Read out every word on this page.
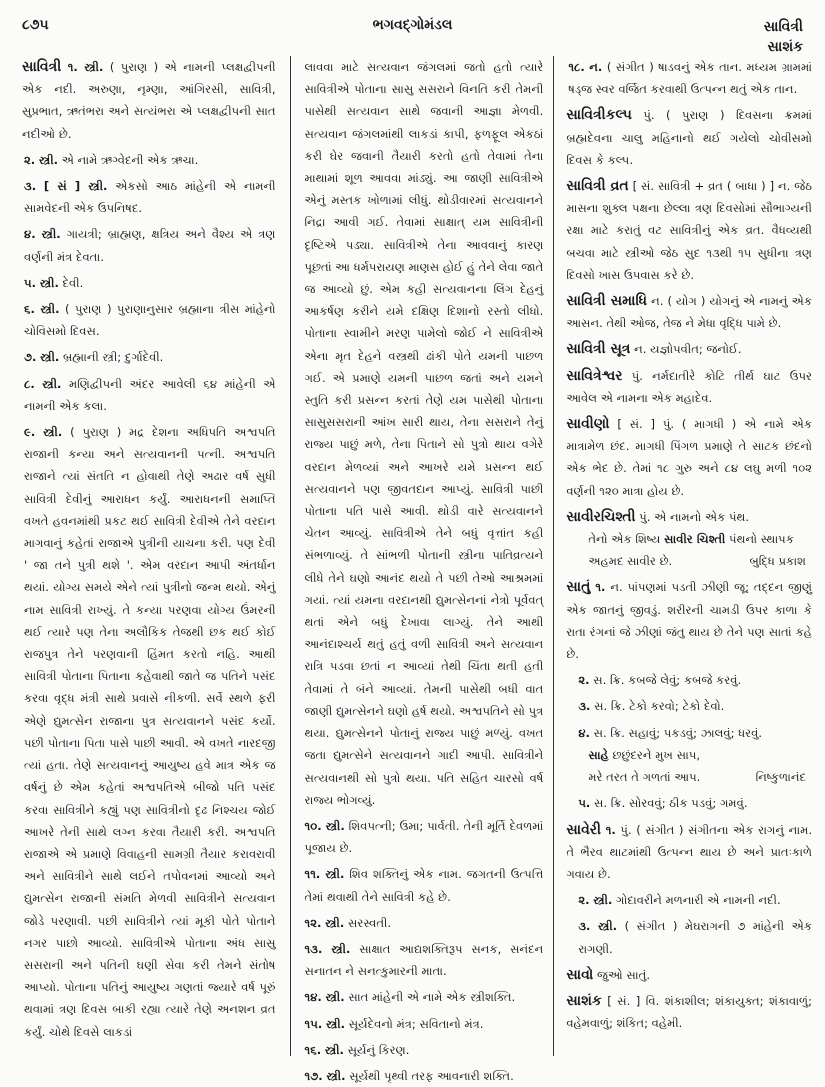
૮૭૫	ભગવદ્ગોમંડલ	સાવિત્રી
સાશંક
સાવિત્રી ૧. સ્ત્રી. ( પુરાણ ) એ નામની પ્લક્ષદ્વીપની એક નદી. અરુણા, નૃમ્ણા, આંગિરસી, સાવિત્રી, સુપ્રભાત, ઋતંભરા અને સત્યંભરા એ પ્લક્ષદ્વીપની સાત નદીઓ છે.
૨. સ્ત્રી. એ નામે ઋગ્વેદની એક ઋચા.
૩. [ સં ] સ્ત્રી. એકસો આઠ માંહેની એ નામની સામવેદની એક ઉપનિષદ.
૪. સ્ત્રી. ગાયત્રી; બ્રાહ્મણ, ક્ષત્રિય અને વૈશ્ય એ ત્રણ વર્ણની મંત્ર દેવતા.
૫. સ્ત્રી. દેવી.
૬. સ્ત્રી. ( પુરાણ ) પુરાણાનુસાર બ્રહ્માના ત્રીસ માંહેનો ચોવિસમો દિવસ.
૭. સ્ત્રી. બ્રહ્માની સ્ત્રી; દુર્ગાદેવી.
૮. સ્ત્રી. મણિદ્વીપની અંદર આવેલી ૬૪ માંહેની એ નામની એક કલા.
૯. સ્ત્રી. ( પુરાણ ) મદ્ર દેશના અધિપતિ અશ્વપતિ રાજાની કન્યા અને સત્યવાનની પત્ની. અશ્વપતિ રાજાને ત્યાં સંતતિ ન હોવાથી તેણે અઢાર વર્ષ સુધી સાવિત્રી દેવીનું આરાધન કર્યું. આરાધનની સમાપ્તિ વખતે હવનમાંથી પ્રકટ થઈ સાવિત્રી દેવીએ તેને વરદાન માગવાનું કહેતાં રાજાએ પુત્રીની યાચના કરી. પણ દેવી ' જા તને પુત્રી થશે '. એમ વરદાન આપી અંતર્ધાન થયાં. યોગ્ય સમયે એને ત્યાં પુત્રીનો જન્મ થયો. એનું નામ સાવિત્રી રાખ્યું. તે કન્યા પરણવા યોગ્ય ઉંમરની થઈ ત્યારે પણ તેના અલૌકિક તેજથી છક થઈ કોઈ રાજપુત્ર તેને પરણવાની હિંમત કરતો નહિ. આથી સાવિત્રી પોતાના પિતાના કહેવાથી જાતે જ પતિને પસંદ કરવા વૃદ્ધ મંત્રી સાથે પ્રવાસે નીકળી. સર્વે સ્થળે ફરી એણે દ્યુમત્સેન રાજાના પુત્ર સત્યવાનને પસંદ કર્યો. પછી પોતાના પિતા પાસે પાછી આવી. એ વખતે નારદજી ત્યાં હતા. તેણે સત્યવાનનું આયુષ્ય હવે માત્ર એક જ વર્ષનું છે એમ કહેતાં અશ્વપતિએ બીજો પતિ પસંદ કરવા સાવિત્રીને કહ્યું પણ સાવિત્રીનો દૃઢ નિશ્ચય જોઈ આખરે તેની સાથે લગ્ન કરવા તૈયારી કરી. અશ્વપતિ રાજાએ એ પ્રમાણે વિવાહની સામગ્રી તૈયાર કરાવરાવી અને સાવિત્રીને સાથે લઈને તપોવનમાં આવ્યો અને દ્યુમત્સેન રાજાની સંમતિ મેળવી સાવિત્રીને સત્યવાન જોડે પરણાવી. પછી સાવિત્રીને ત્યાં મૂકી પોતે પોતાને નગર પાછો આવ્યો. સાવિત્રીએ પોતાના અંધ સાસુ સસરાની અને પતિની ઘણી સેવા કરી તેમને સંતોષ આપ્યો. પોતાના પતિનું આયુષ્ય ગણતાં જ્યારે વર્ષ પૂરું થવામાં ત્રણ દિવસ બાકી રહ્યા ત્યારે તેણે અનશન વ્રત કર્યું. ચોથે દિવસે લાકડાં
લાવવા માટે સત્યવાન જંગલમાં જતો હતો ત્યારે સાવિત્રીએ પોતાના સાસુ સસરાને વિનતિ કરી તેમની પાસેથી સત્યવાન સાથે જવાની આજ્ઞા મેળવી. સત્યવાન જંગલમાંથી લાકડાં કાપી, ફળફૂલ એકઠાં કરી ઘેર જવાની તૈયારી કરતો હતો તેવામાં તેના માથામાં શૂળ આવવા માંડ્યું. આ જાણી સાવિત્રીએ એનું મસ્તક ખોળામાં લીધું. થોડીવારમાં સત્યવાનને નિદ્રા આવી ગઈ. તેવામાં સાક્ષાત્ યમ સાવિત્રીની દૃષ્ટિએ પડ્યા. સાવિત્રીએ તેના આવવાનું કારણ પૂછતાં આ ધર્મપરાયણ માણસ હોઈ હું તેને લેવા જાતે જ આવ્યો છું. એમ કહી સત્યવાનના લિંગ દેહનું આકર્ષણ કરીને યમે દક્ષિણ દિશાનો રસ્તો લીધો. પોતાના સ્વામીને મરણ પામેલો જોઈ ને સાવિત્રીએ એના મૃત દેહને વસ્ત્રથી ઢાંકી પોતે યમની પાછળ ગઈ. એ પ્રમાણે યમની પાછળ જતાં અને યમને સ્તુતિ કરી પ્રસન્ન કરતાં તેણે યમ પાસેથી પોતાના સાસુસસરાની આંખ સારી થાય, તેના સસરાને તેનું રાજ્ય પાછું મળે, તેના પિતાને સો પુત્રો થાય વગેરે વરદાન મેળવ્યાં અને આખરે યમે પ્રસન્ન થઈ સત્યવાનને પણ જીવતદાન આપ્યું. સાવિત્રી પાછી પોતાના પતિ પાસે આવી. થોડી વારે સત્યવાનને ચેતન આવ્યું. સાવિત્રીએ તેને બધું વૃત્તાંત કહી સંભળાવ્યું. તે સાંભળી પોતાની સ્ત્રીના પાતિવ્રત્યને લીધે તેને ઘણો આનંદ થયો તે પછી તેઓ આશ્રમમાં ગયાં. ત્યાં યમના વરદાનથી દ્યુમત્સેનનાં નેત્રો પૂર્વવત્ થતાં એને બધું દેખાવા લાગ્યું. તેને આથી આનંદાશ્ચર્ય થતું હતું વળી સાવિત્રી અને સત્યવાન રાત્રિ પડવા છતાં ન આવ્યાં તેથી ચિંતા થતી હતી તેવામાં તે બંને આવ્યાં. તેમની પાસેથી બધી વાત જાણી દ્યુમત્સેનને ઘણો હર્ષ થયો. અશ્વપતિને સો પુત્ર થયા. દ્યુમત્સેનને પોતાનું રાજ્ય પાછું મળ્યું. વખત જતા દ્યુમત્સેને સત્યવાનને ગાદી આપી. સાવિત્રીને સત્યવાનથી સો પુત્રો થયા. પતિ સહિત ચારસો વર્ષ રાજ્ય ભોગવ્યું.
૧૦. સ્ત્રી. શિવપત્ની; ઉમા; પાર્વતી. તેની મૂર્તિ દેવળમાં પૂજાય છે.
૧૧. સ્ત્રી. શિવ શક્તિનું એક નામ. જગતની ઉત્પત્તિ તેમાં થવાથી તેને સાવિત્રી કહે છે.
૧૨. સ્ત્રી. સરસ્વતી.
૧૩. સ્ત્રી. સાક્ષાત આદ્યશક્તિરૂપ સનક, સનંદન સનાતન ને સનત્કુમારની માતા.
૧૪. સ્ત્રી. સાત માંહેની એ નામે એક સ્ત્રીશક્તિ.
૧૫. સ્ત્રી. સૂર્યદેવનો મંત્ર; સવિતાનો મંત્ર.
૧૬. સ્ત્રી. સૂર્યનું કિરણ.
૧૭. સ્ત્રી. સૂર્યથી પૃથ્વી તરફ આવનારી શક્તિ.
૧૮. ન. ( સંગીત ) ષાડવનું એક તાન. મધ્યમ ગ્રામમાં ષડ્જ સ્વર વર્જિત કરવાથી ઉત્પન્ન થતું એક તાન.
સાવિત્રીકલ્પ પું. ( પુરાણ ) દિવસના ક્રમમાં બ્રહ્મદેવના ચાલુ મહિનાનો થઈ ગયેલો ચોવીસમો દિવસ કે કલ્પ.
સાવિત્રી વ્રત [ સં. સાવિત્રી + વ્રત ( બાધા ) ] ન. જેઠ માસના શુક્લ પક્ષના છેલ્લા ત્રણ દિવસોમાં સૌભાગ્યની રક્ષા માટે કરાતું વટ સાવિત્રીનું એક વ્રત. વૈધવ્યથી બચવા માટે સ્ત્રીઓ જેઠ સુદ ૧૩થી ૧૫ સુધીના ત્રણ દિવસો ખાસ ઉપવાસ કરે છે.
સાવિત્રી સમાધિ ન. ( યોગ ) યોગનું એ નામનું એક આસન. તેથી ઓજ, તેજ ને મેધા વૃદ્ધિ પામે છે.
સાવિત્રી સૂત્ર ન. યજ્ઞોપવીત; જનોઈ.
સાવિત્રેશ્વર પું. નર્મદાતીરે કોટિ તીર્થ ઘાટ ઉપર આવેલ એ નામના એક મહાદેવ.
સાવીણો [ સં. ] પું. ( માગધી ) એ નામે એક માત્રામેળ છંદ. માગધી પિંગળ પ્રમાણે તે સાટક છંદનો એક ભેદ છે. તેમાં ૧૮ ગુરુ અને ૮૪ લઘુ મળી ૧૦૨ વર્ણની ૧૨૦ માત્રા હોય છે.
સાવીરચિશ્તી પું. એ નામનો એક પંથ.
તેનો એક શિષ્ય સાવીર ચિશ્તી પંથનો સ્થાપક
અહમદ સાવીર છે.	બુદ્ધિ પ્રકાશ
સાતું ૧. ન. પાંપણમાં પડતી ઝીણી જૂ; તદ્દન જીણું એક જાતનું જીવડું. શરીરની ચામડી ઉપર કાળા કે રાતા રંગનાં જે ઝીણાં જંતુ થાય છે તેને પણ સાતાં કહે છે.
૨. સ. ક્રિ. કબજે લેવું; કબજે કરવું.
૩. સ. ક્રિ. ટેકો કરવો; ટેકો દેવો.
૪. સ. ક્રિ. સહાવું; પકડવું; ઝાલવું; ધરવું.
સાહે છછુંદરને મુખ સાપ,
મરે તરત તે ગળતાં આપ.	નિષ્કુળાનંદ
૫. સ. ક્રિ. સોરવવું; ઠીક પડવું; ગમવું.
સાવેરી ૧. પું. ( સંગીત ) સંગીતના એક રાગનું નામ. તે ભૈરવ થાટમાંથી ઉત્પન્ન થાય છે અને પ્રાતઃકાળે ગવાય છે.
૨. સ્ત્રી. ગોદાવરીને મળનારી એ નામની નદી.
૩. સ્ત્રી. ( સંગીત ) મેઘરાગની ૭ માંહેની એક રાગણી.
સાવો જુઓ સાતું.
સાશંક [ સં. ] વિ. શંકાશીલ; શંકાયુક્ત; શંકાવાળું; વહેમવાળું; શંકિત; વહેમી.
